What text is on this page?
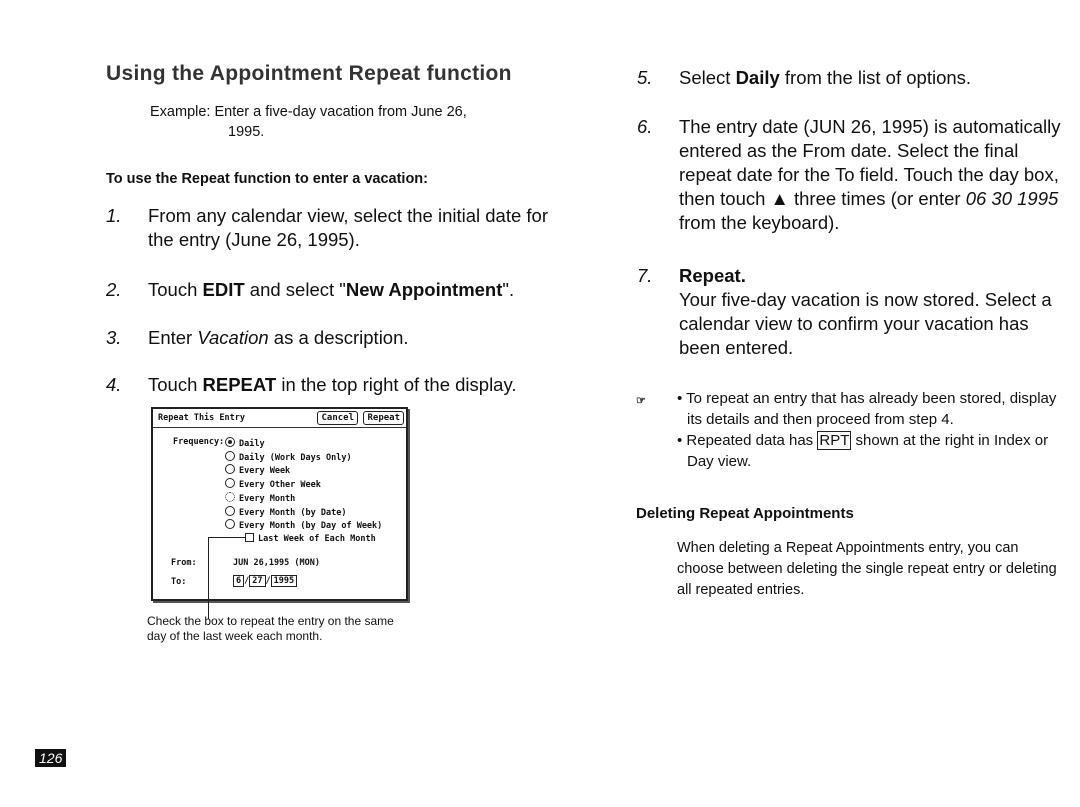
Using the Appointment Repeat function
Example: Enter a five-day vacation from June 26,
1995.
To use the Repeat function to enter a vacation:
1. From any calendar view, select the initial date for the entry (June 26, 1995).
2. Touch EDIT and select "New Appointment".
3. Enter Vacation as a description.
4. Touch REPEAT in the top right of the display.
Repeat This Entry	Cancel	Repeat
Frequency:	Daily
Daily (Work Days Only)
Every Week
Every Other Week
Every Month
Every Month (by Date)
Every Month (by Day of Week)
Last Week of Each Month
From:	JUN 26,1995 (MON)
To:	6 / 27 / 1995
Check the box to repeat the entry on the same day of the last week each month.
5. Select Daily from the list of options.
6. The entry date (JUN 26, 1995) is automatically entered as the From date. Select the final repeat date for the To field. Touch the day box, then touch ▲ three times (or enter 06 30 1995 from the keyboard).
7. Repeat.
Your five-day vacation is now stored. Select a calendar view to confirm your vacation has been entered.
☞ • To repeat an entry that has already been stored, display its details and then proceed from step 4.
• Repeated data has RPT shown at the right in Index or Day view.
Deleting Repeat Appointments
When deleting a Repeat Appointments entry, you can choose between deleting the single repeat entry or deleting all repeated entries.
126
